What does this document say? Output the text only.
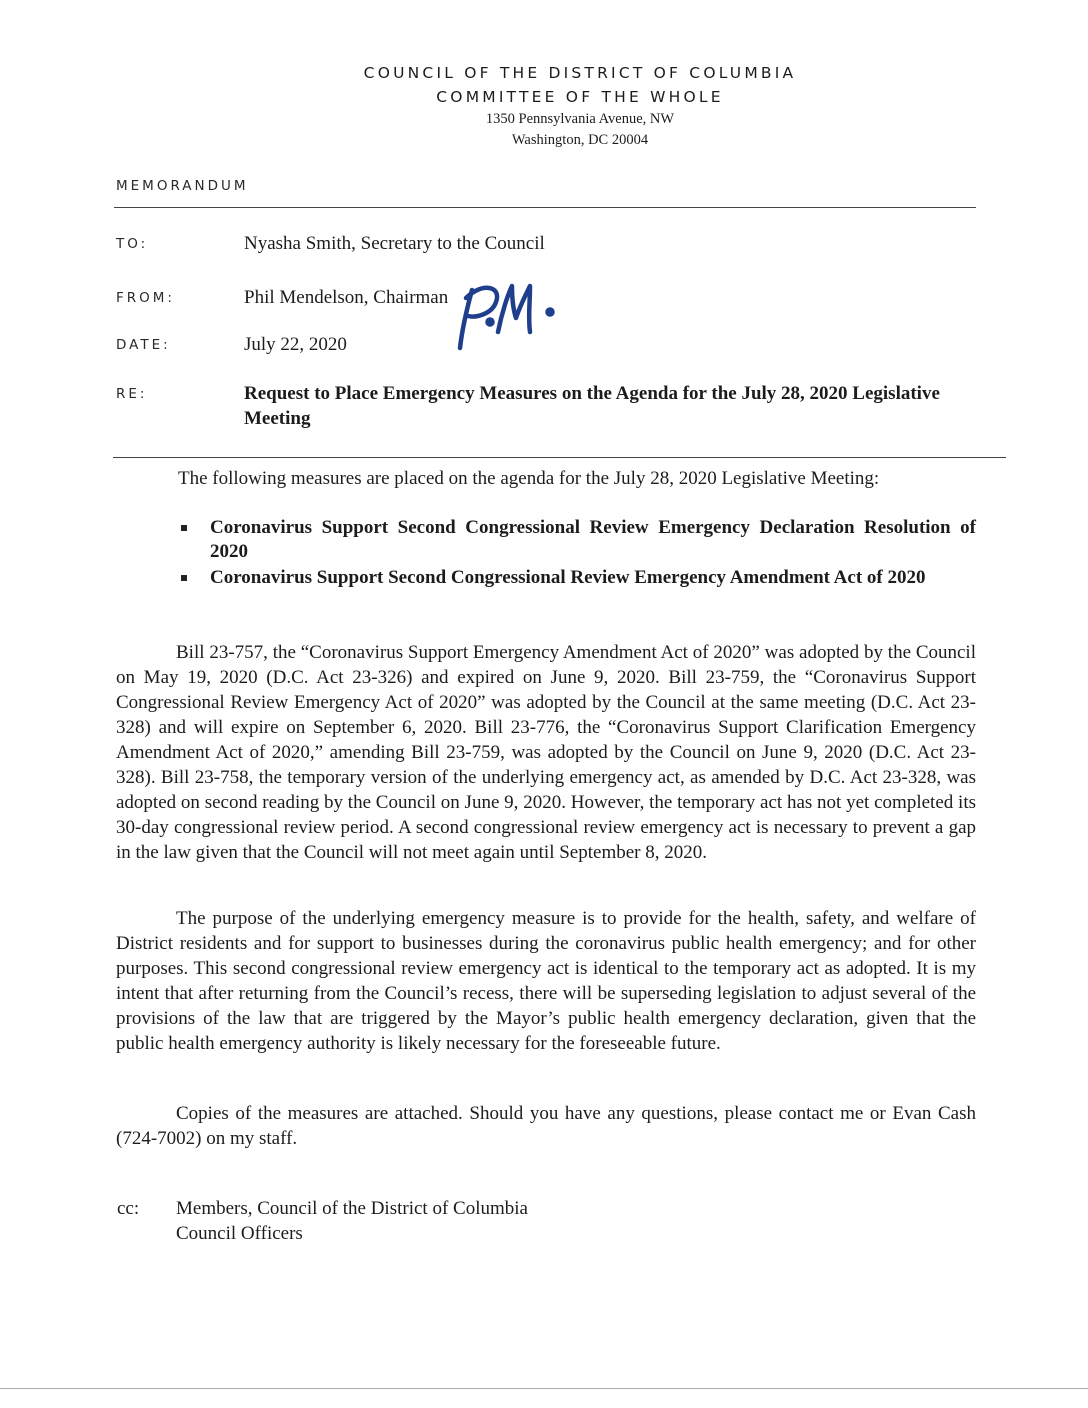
COUNCIL OF THE DISTRICT OF COLUMBIA
COMMITTEE OF THE WHOLE
1350 Pennsylvania Avenue, NW
Washington, DC 20004
MEMORANDUM
TO:	Nyasha Smith, Secretary to the Council
FROM:	Phil Mendelson, Chairman
DATE:	July 22, 2020
RE:	Request to Place Emergency Measures on the Agenda for the July 28, 2020 Legislative Meeting
The following measures are placed on the agenda for the July 28, 2020 Legislative Meeting:
Coronavirus Support Second Congressional Review Emergency Declaration Resolution of 2020
Coronavirus Support Second Congressional Review Emergency Amendment Act of 2020
Bill 23-757, the “Coronavirus Support Emergency Amendment Act of 2020” was adopted by the Council on May 19, 2020 (D.C. Act 23-326) and expired on June 9, 2020. Bill 23-759, the “Coronavirus Support Congressional Review Emergency Act of 2020” was adopted by the Council at the same meeting (D.C. Act 23-328) and will expire on September 6, 2020. Bill 23-776, the “Coronavirus Support Clarification Emergency Amendment Act of 2020,” amending Bill 23-759, was adopted by the Council on June 9, 2020 (D.C. Act 23-328). Bill 23-758, the temporary version of the underlying emergency act, as amended by D.C. Act 23-328, was adopted on second reading by the Council on June 9, 2020. However, the temporary act has not yet completed its 30-day congressional review period. A second congressional review emergency act is necessary to prevent a gap in the law given that the Council will not meet again until September 8, 2020.
The purpose of the underlying emergency measure is to provide for the health, safety, and welfare of District residents and for support to businesses during the coronavirus public health emergency; and for other purposes. This second congressional review emergency act is identical to the temporary act as adopted. It is my intent that after returning from the Council’s recess, there will be superseding legislation to adjust several of the provisions of the law that are triggered by the Mayor’s public health emergency declaration, given that the public health emergency authority is likely necessary for the foreseeable future.
Copies of the measures are attached. Should you have any questions, please contact me or Evan Cash (724-7002) on my staff.
cc: Members, Council of the District of Columbia
Council Officers
